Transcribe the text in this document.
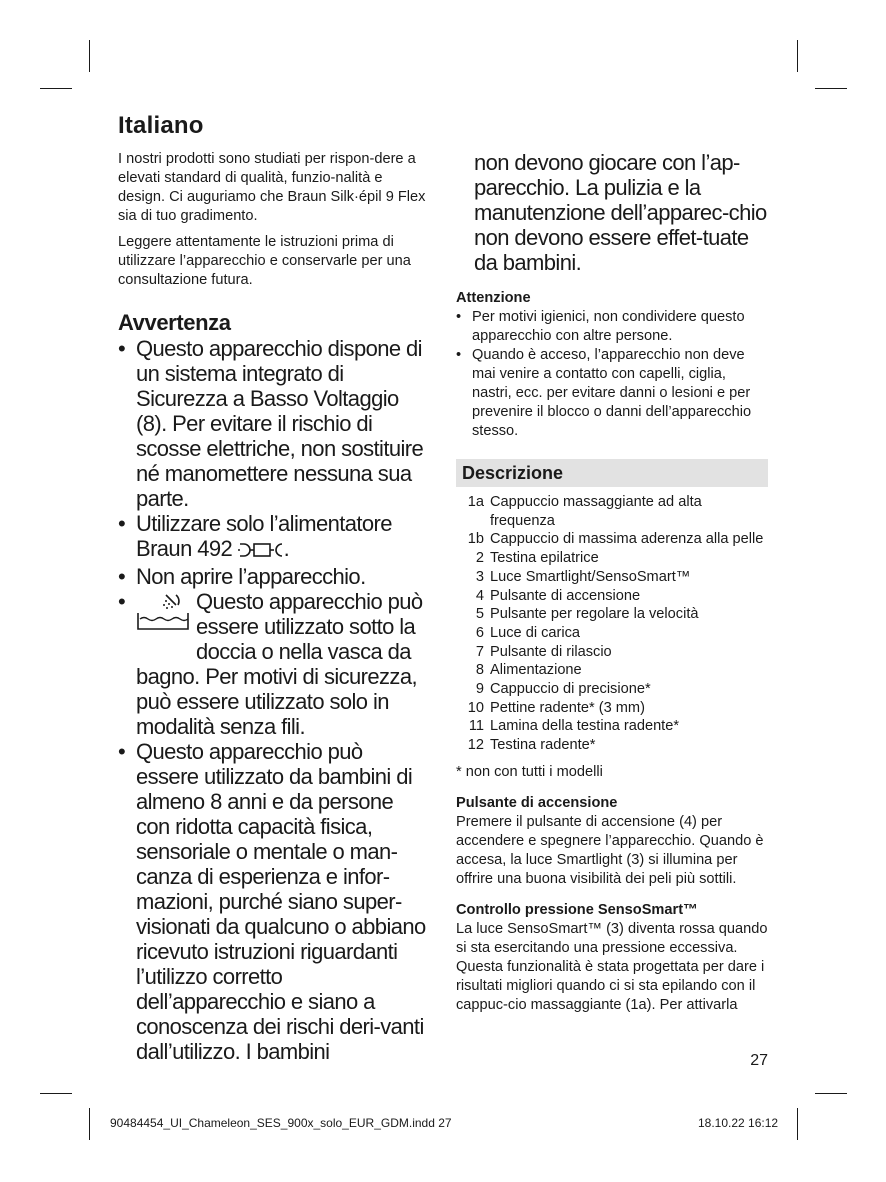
Italiano

I nostri prodotti sono studiati per rispon-dere a elevati standard di qualità, funzio-nalità e design. Ci auguriamo che Braun Silk·épil 9 Flex sia di tuo gradimento.

Leggere attentamente le istruzioni prima di utilizzare l’apparecchio e conservarle per una consultazione futura.

Avvertenza
• Questo apparecchio dispone di un sistema integrato di Sicurezza a Basso Voltaggio (8). Per evitare il rischio di scosse elettriche, non sostituire né manomettere nessuna sua parte.
• Utilizzare solo l’alimentatore Braun 492 .
• Non aprire l’apparecchio.
•	Questo apparecchio può essere utilizzato sotto la doccia o nella vasca da
bagno. Per motivi di sicurezza, può essere utilizzato solo in modalità senza fili.
• Questo apparecchio può essere utilizzato da bambini di almeno 8 anni e da persone con ridotta capacità fisica, sensoriale o mentale o man-canza di esperienza e infor-mazioni, purché siano super-visionati da qualcuno o abbiano ricevuto istruzioni riguardanti l’utilizzo corretto dell’apparecchio e siano a conoscenza dei rischi deri-vanti dall’utilizzo. I bambini
non devono giocare con l’ap-parecchio. La pulizia e la manutenzione dell’apparec-chio non devono essere effet-tuate da bambini.
Attenzione
• Per motivi igienici, non condividere questo apparecchio con altre persone.
• Quando è acceso, l’apparecchio non deve mai venire a contatto con capelli, ciglia, nastri, ecc. per evitare danni o lesioni e per prevenire il blocco o danni dell’apparecchio stesso.
Descrizione
1a	Cappuccio massaggiante ad alta frequenza
1b	Cappuccio di massima aderenza alla pelle
2	Testina epilatrice
3	Luce Smartlight/SensoSmart™
4	Pulsante di accensione
5	Pulsante per regolare la velocità
6	Luce di carica
7	Pulsante di rilascio
8	Alimentazione
9	Cappuccio di precisione*
10	Pettine radente* (3 mm)
11	Lamina della testina radente*
12	Testina radente*

* non con tutti i modelli

Pulsante di accensione

Premere il pulsante di accensione (4) per accendere e spegnere l’apparecchio. Quando è accesa, la luce Smartlight (3) si illumina per offrire una buona visibilità dei peli più sottili.

Controllo pressione SensoSmart™

La luce SensoSmart™ (3) diventa rossa quando si sta esercitando una pressione eccessiva. Questa funzionalità è stata progettata per dare i risultati migliori quando ci si sta epilando con il cappuc-cio massaggiante (1a). Per attivarla

27
90484454_UI_Chameleon_SES_900x_solo_EUR_GDM.indd 27	18.10.22 16:12
